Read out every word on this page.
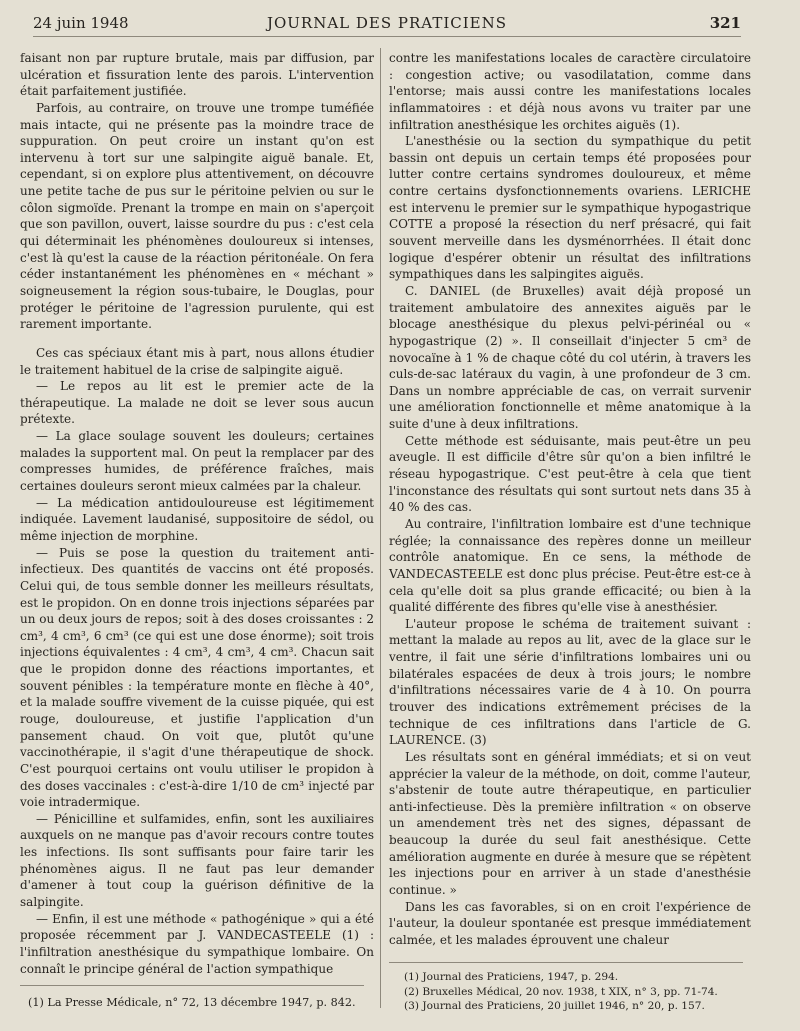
24 juin 1948	JOURNAL DES PRATICIENS	321

faisant non par rupture brutale, mais par diffusion, par ulcération et fissuration lente des parois. L'intervention était parfaitement justifiée.

Parfois, au contraire, on trouve une trompe tuméfiée mais intacte, qui ne présente pas la moindre trace de suppuration. On peut croire un instant qu'on est intervenu à tort sur une salpingite aiguë banale. Et, cependant, si on explore plus attentivement, on découvre une petite tache de pus sur le péritoine pelvien ou sur le côlon sigmoïde. Prenant la trompe en main on s'aperçoit que son pavillon, ouvert, laisse sourdre du pus : c'est cela qui déterminait les phénomènes douloureux si intenses, c'est là qu'est la cause de la réaction péritonéale. On fera céder instantanément les phénomènes en « méchant » soigneusement la région sous-tubaire, le Douglas, pour protéger le péritoine de l'agression purulente, qui est rarement importante.

Ces cas spéciaux étant mis à part, nous allons étudier le traitement habituel de la crise de salpingite aiguë.

— Le repos au lit est le premier acte de la thérapeutique. La malade ne doit se lever sous aucun prétexte.

— La glace soulage souvent les douleurs; certaines malades la supportent mal. On peut la remplacer par des compresses humides, de préférence fraîches, mais certaines douleurs seront mieux calmées par la chaleur.

— La médication antidouloureuse est légitimement indiquée. Lavement laudanisé, suppositoire de sédol, ou même injection de morphine.

— Puis se pose la question du traitement anti-infectieux. Des quantités de vaccins ont été proposés. Celui qui, de tous semble donner les meilleurs résultats, est le propidon. On en donne trois injections séparées par un ou deux jours de repos; soit à des doses croissantes : 2 cm³, 4 cm³, 6 cm³ (ce qui est une dose énorme); soit trois injections équivalentes : 4 cm³, 4 cm³, 4 cm³. Chacun sait que le propidon donne des réactions importantes, et souvent pénibles : la température monte en flèche à 40°, et la malade souffre vivement de la cuisse piquée, qui est rouge, douloureuse, et justifie l'application d'un pansement chaud. On voit que, plutôt qu'une vaccinothérapie, il s'agit d'une thérapeutique de shock. C'est pourquoi certains ont voulu utiliser le propidon à des doses vaccinales : c'est-à-dire 1/10 de cm³ injecté par voie intradermique.

— Pénicilline et sulfamides, enfin, sont les auxiliaires auxquels on ne manque pas d'avoir recours contre toutes les infections. Ils sont suffisants pour faire tarir les phénomènes aigus. Il ne faut pas leur demander d'amener à tout coup la guérison définitive de la salpingite.

— Enfin, il est une méthode « pathogénique » qui a été proposée récemment par J. VANDECASTEELE (1) : l'infiltration anesthésique du sympathique lombaire. On connaît le principe général de l'action sympathique

(1) La Presse Médicale, n° 72, 13 décembre 1947, p. 842.

contre les manifestations locales de caractère circulatoire : congestion active; ou vasodilatation, comme dans l'entorse; mais aussi contre les manifestations locales inflammatoires : et déjà nous avons vu traiter par une infiltration anesthésique les orchites aiguës (1).

L'anesthésie ou la section du sympathique du petit bassin ont depuis un certain temps été proposées pour lutter contre certains syndromes douloureux, et même contre certains dysfonctionnements ovariens. LERICHE est intervenu le premier sur le sympathique hypogastrique COTTE a proposé la résection du nerf présacré, qui fait souvent merveille dans les dysménorrhées. Il était donc logique d'espérer obtenir un résultat des infiltrations sympathiques dans les salpingites aiguës.

C. DANIEL (de Bruxelles) avait déjà proposé un traitement ambulatoire des annexites aiguës par le blocage anesthésique du plexus pelvi-périnéal ou « hypogastrique (2) ». Il conseillait d'injecter 5 cm³ de novocaïne à 1 % de chaque côté du col utérin, à travers les culs-de-sac latéraux du vagin, à une profondeur de 3 cm. Dans un nombre appréciable de cas, on verrait survenir une amélioration fonctionnelle et même anatomique à la suite d'une à deux infiltrations.

Cette méthode est séduisante, mais peut-être un peu aveugle. Il est difficile d'être sûr qu'on a bien infiltré le réseau hypogastrique. C'est peut-être à cela que tient l'inconstance des résultats qui sont surtout nets dans 35 à 40 % des cas.

Au contraire, l'infiltration lombaire est d'une technique réglée; la connaissance des repères donne un meilleur contrôle anatomique. En ce sens, la méthode de VANDECASTEELE est donc plus précise. Peut-être est-ce à cela qu'elle doit sa plus grande efficacité; ou bien à la qualité différente des fibres qu'elle vise à anesthésier.

L'auteur propose le schéma de traitement suivant : mettant la malade au repos au lit, avec de la glace sur le ventre, il fait une série d'infiltrations lombaires uni ou bilatérales espacées de deux à trois jours; le nombre d'infiltrations nécessaires varie de 4 à 10. On pourra trouver des indications extrêmement précises de la technique de ces infiltrations dans l'article de G. LAURENCE. (3)

Les résultats sont en général immédiats; et si on veut apprécier la valeur de la méthode, on doit, comme l'auteur, s'abstenir de toute autre thérapeutique, en particulier anti-infectieuse. Dès la première infiltration « on observe un amendement très net des signes, dépassant de beaucoup la durée du seul fait anesthésique. Cette amélioration augmente en durée à mesure que se répètent les injections pour en arriver à un stade d'anesthésie continue. »

Dans les cas favorables, si on en croit l'expérience de l'auteur, la douleur spontanée est presque immédiatement calmée, et les malades éprouvent une chaleur

(1) Journal des Praticiens, 1947, p. 294.
(2) Bruxelles Médical, 20 nov. 1938, t XIX, n° 3, pp. 71-74.
(3) Journal des Praticiens, 20 juillet 1946, n° 20, p. 157.
